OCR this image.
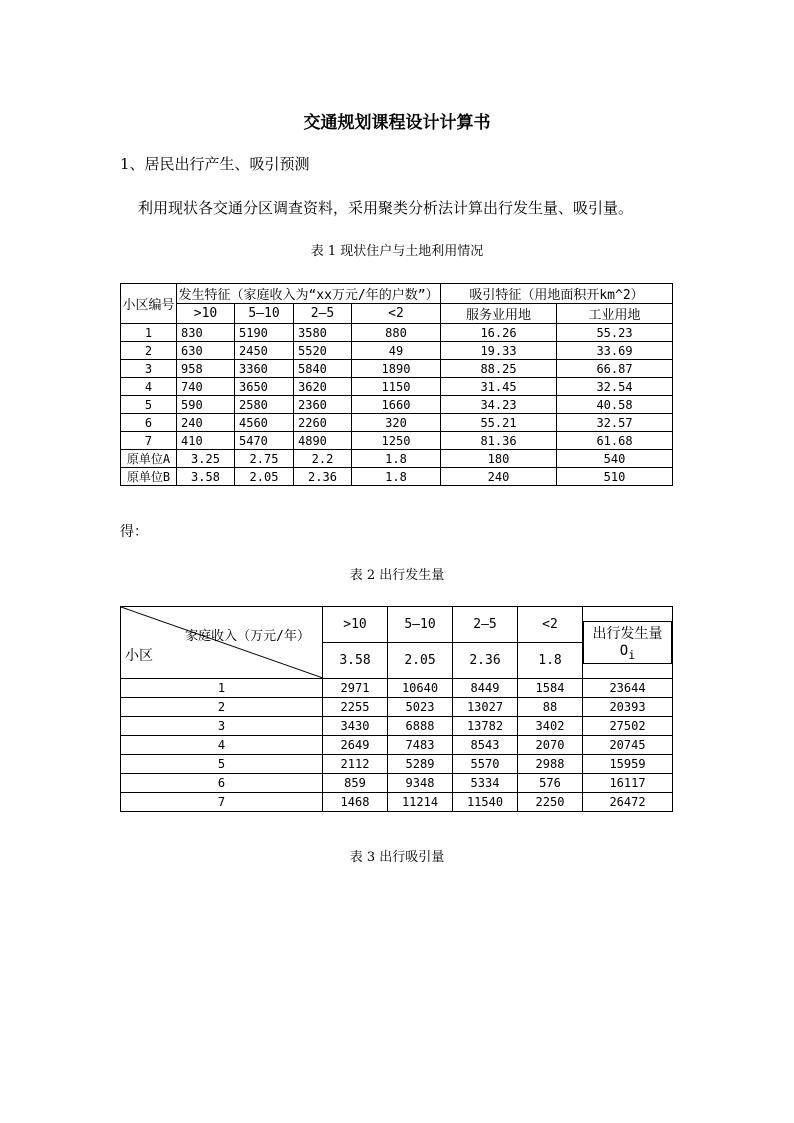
交通规划课程设计计算书
1、居民出行产生、吸引预测
利用现状各交通分区调查资料，采用聚类分析法计算出行发生量、吸引量。
表 1 现状住户与土地利用情况
小区编号	发生特征（家庭收入为“xx万元/年的户数”）				吸引特征（用地面积开km^2）	
	>10	5—10	2—5	<2	服务业用地	工业用地
1	830	5190	3580	880	16.26	55.23
2	630	2450	5520	49	19.33	33.69
3	958	3360	5840	1890	88.25	66.87
4	740	3650	3620	1150	31.45	32.54
5	590	2580	2360	1660	34.23	40.58
6	240	4560	2260	320	55.21	32.57
7	410	5470	4890	1250	81.36	61.68
原单位A	3.25	2.75	2.2	1.8	180	540
原单位B	3.58	2.05	2.36	1.8	240	510
得：
表 2 出行发生量
家庭收入（万元/年）
小区	>10	5—10	2—5	<2	出行发生量$O_i$
	3.58	2.05	2.36	1.8	
1	2971	10640	8449	1584	23644
2	2255	5023	13027	88	20393
3	3430	6888	13782	3402	27502
4	2649	7483	8543	2070	20745
5	2112	5289	5570	2988	15959
6	859	9348	5334	576	16117
7	1468	11214	11540	2250	26472
表 3 出行吸引量
